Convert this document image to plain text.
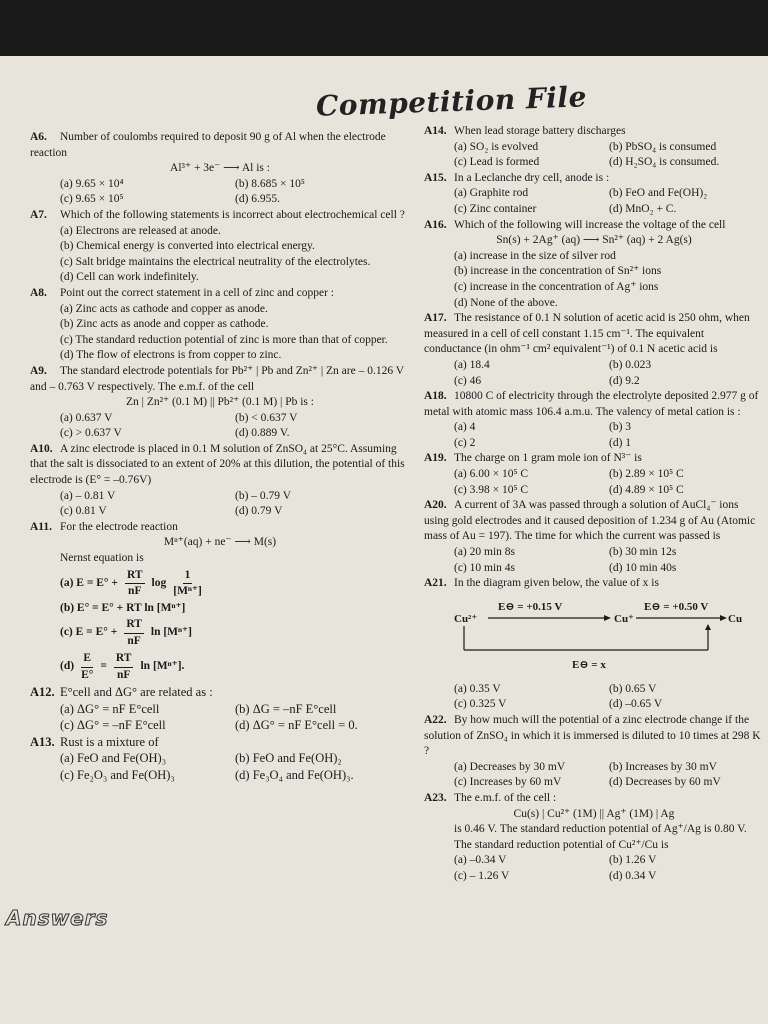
Competition File
A6. Number of coulombs required to deposit 90 g of Al when the electrode reaction
Al³⁺ + 3e⁻ ⟶ Al is :
(a) 9.65 × 10⁴	(b) 8.685 × 10⁵
(c) 9.65 × 10⁵	(d) 6.955.
A7. Which of the following statements is incorrect about electrochemical cell ?
(a) Electrons are released at anode.
(b) Chemical energy is converted into electrical energy.
(c) Salt bridge maintains the electrical neutrality of the electrolytes.
(d) Cell can work indefinitely.
A8. Point out the correct statement in a cell of zinc and copper :
(a) Zinc acts as cathode and copper as anode.
(b) Zinc acts as anode and copper as cathode.
(c) The standard reduction potential of zinc is more than that of copper.
(d) The flow of electrons is from copper to zinc.
A9. The standard electrode potentials for Pb²⁺ | Pb and Zn²⁺ | Zn are – 0.126 V and – 0.763 V respectively. The e.m.f. of the cell
Zn | Zn²⁺ (0.1 M) || Pb²⁺ (0.1 M) | Pb is :
(a) 0.637 V	(b) < 0.637 V
(c) > 0.637 V	(d) 0.889 V.
A10. A zinc electrode is placed in 0.1 M solution of ZnSO₄ at 25°C. Assuming that the salt is dissociated to an extent of 20% at this dilution, the potential of this electrode is (E° = –0.76V)
(a) – 0.81 V	(b) – 0.79 V
(c) 0.81 V	(d) 0.79 V
A11. For the electrode reaction
Mⁿ⁺(aq) + ne⁻ ⟶ M(s)
Nernst equation is
(a) $E = E^\circ + \frac{RT}{nF}$ $\log \frac{1}{\text{[Mⁿ⁺]}}$
(b) E° = E° + RT ln [Mⁿ⁺]
(c) $E = E^\circ + \frac{RT}{nF}$ ln [Mⁿ⁺]
$(d) \frac{E}{E^\circ} = \frac{RT}{nF}$ ln [Mⁿ⁺].
A12. E°cell and ΔG° are related as :
(a) ΔG° = nF E°cell	(b) ΔG = –nF E°cell
(c) ΔG° = –nF E°cell	(d) ΔG° = nF E°cell = 0.
A13. Rust is a mixture of
(a) FeO and Fe(OH)₃	(b) FeO and Fe(OH)₂
(c) Fe₂O₃ and Fe(OH)₃	(d) Fe₃O₄ and Fe(OH)₃.
A14. When lead storage battery discharges
(a) SO₂ is evolved	(b) PbSO₄ is consumed
(c) Lead is formed	(d) H₂SO₄ is consumed.
A15. In a Leclanche dry cell, anode is :
(a) Graphite rod	(b) FeO and Fe(OH)₂
(c) Zinc container	(d) MnO₂ + C.
A16. Which of the following will increase the voltage of the cell
Sn(s) + 2Ag⁺ (aq) ⟶ Sn²⁺ (aq) + 2 Ag(s)
(a) increase in the size of silver rod
(b) increase in the concentration of Sn²⁺ ions
(c) increase in the concentration of Ag⁺ ions
(d) None of the above.
A17. The resistance of 0.1 N solution of acetic acid is 250 ohm, when measured in a cell of cell constant 1.15 cm⁻¹. The equivalent conductance (in ohm⁻¹ cm² equivalent⁻¹) of 0.1 N acetic acid is
(a) 18.4	(b) 0.023
(c) 46	(d) 9.2
A18. 10800 C of electricity through the electrolyte deposited 2.977 g of metal with atomic mass 106.4 a.m.u. The valency of metal cation is :
(a) 4	(b) 3
(c) 2	(d) 1
A19. The charge on 1 gram mole ion of N³⁻ is
(a) 6.00 × 10⁵ C	(b) 2.89 × 10⁵ C
(c) 3.98 × 10⁵ C	(d) 4.89 × 10⁵ C
A20. A current of 3A was passed through a solution of AuCl₄⁻ ions using gold electrodes and it caused deposition of 1.234 g of Au (Atomic mass of Au = 197). The time for which the current was passed is
(a) 20 min 8s	(b) 30 min 12s
(c) 10 min 4s	(d) 10 min 40s
A21. In the diagram given below, the value of x is
Cu²⁺
E⊖ = +0.15 V
Cu⁺
E⊖ = +0.50 V
Cu
E⊖ = x
(a) 0.35 V	(b) 0.65 V
(c) 0.325 V	(d) –0.65 V
A22. By how much will the potential of a zinc electrode change if the solution of ZnSO₄ in which it is immersed is diluted to 10 times at 298 K ?
(a) Decreases by 30 mV	(b) Increases by 30 mV
(c) Increases by 60 mV	(d) Decreases by 60 mV
A23. The e.m.f. of the cell :
Cu(s) | Cu²⁺ (1M) || Ag⁺ (1M) | Ag
is 0.46 V. The standard reduction potential of Ag⁺/Ag is 0.80 V. The standard reduction potential of Cu²⁺/Cu is
(a) –0.34 V	(b) 1.26 V
(c) – 1.26 V	(d) 0.34 V
Answers
